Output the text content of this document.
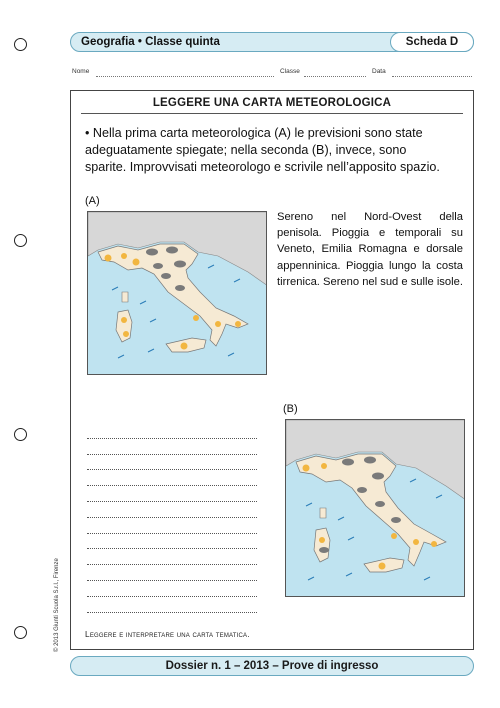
Geografia • Classe quinta	Scheda D
Nome	Classe	Data
LEGGERE UNA CARTA METEOROLOGICA
• Nella prima carta meteorologica (A) le previsioni sono state adeguatamente spiegate; nella seconda (B), invece, sono sparite. Improvvisati meteorologo e scrivile nell’apposito spazio.
(A)
Sereno nel Nord-Ovest della penisola. Pioggia e temporali su Veneto, Emilia Romagna e dorsale appenninica. Pioggia lungo la costa tirrenica. Sereno nel sud e sulle isole.
(B)
Leggere e interpretare una carta tematica.
© 2013 Giunti Scuola S.r.l., Firenze
Dossier n. 1 – 2013 – Prove di ingresso
